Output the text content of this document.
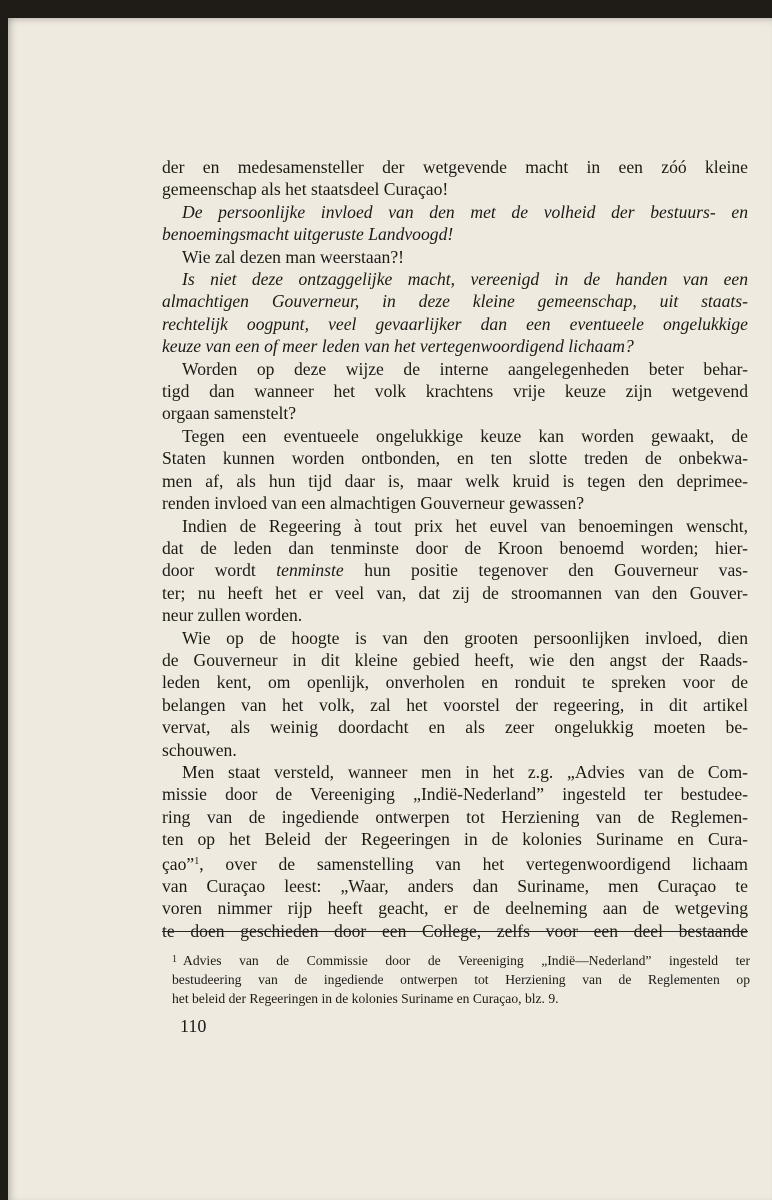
der en medesamensteller der wetgevende macht in een zóó kleine
gemeenschap als het staatsdeel Curaçao!

De persoonlijke invloed van den met de volheid der bestuurs- en
benoemingsmacht uitgeruste Landvoogd!

Wie zal dezen man weerstaan?!

Is niet deze ontzaggelijke macht, vereenigd in de handen van een
almachtigen Gouverneur, in deze kleine gemeenschap, uit staats-
rechtelijk oogpunt, veel gevaarlijker dan een eventueele ongelukkige
keuze van een of meer leden van het vertegenwoordigend lichaam?

Worden op deze wijze de interne aangelegenheden beter behar-
tigd dan wanneer het volk krachtens vrije keuze zijn wetgevend
orgaan samenstelt?

Tegen een eventueele ongelukkige keuze kan worden gewaakt, de
Staten kunnen worden ontbonden, en ten slotte treden de onbekwa-
men af, als hun tijd daar is, maar welk kruid is tegen den deprimee-
renden invloed van een almachtigen Gouverneur gewassen?

Indien de Regeering à tout prix het euvel van benoemingen wenscht,
dat de leden dan tenminste door de Kroon benoemd worden; hier-
door wordt tenminste hun positie tegenover den Gouverneur vas-
ter; nu heeft het er veel van, dat zij de stroomannen van den Gouver-
neur zullen worden.

Wie op de hoogte is van den grooten persoonlijken invloed, dien
de Gouverneur in dit kleine gebied heeft, wie den angst der Raads-
leden kent, om openlijk, onverholen en ronduit te spreken voor de
belangen van het volk, zal het voorstel der regeering, in dit artikel
vervat, als weinig doordacht en als zeer ongelukkig moeten be-
schouwen.

Men staat versteld, wanneer men in het z.g. „Advies van de Com-
missie door de Vereeniging „Indië-Nederland” ingesteld ter bestudee-
ring van de ingediende ontwerpen tot Herziening van de Reglemen-
ten op het Beleid der Regeeringen in de kolonies Suriname en Cura-
çao”$^1$, over de samenstelling van het vertegenwoordigend lichaam
van Curaçao leest: „Waar, anders dan Suriname, men Curaçao te
voren nimmer rijp heeft geacht, er de deelneming aan de wetgeving
te doen geschieden door een College, zelfs voor een deel bestaande

$^1$ Advies van de Commissie door de Vereeniging „Indië—Nederland” ingesteld ter
bestudeering van de ingediende ontwerpen tot Herziening van de Reglementen op
het beleid der Regeeringen in de kolonies Suriname en Curaçao, blz. 9.
110
